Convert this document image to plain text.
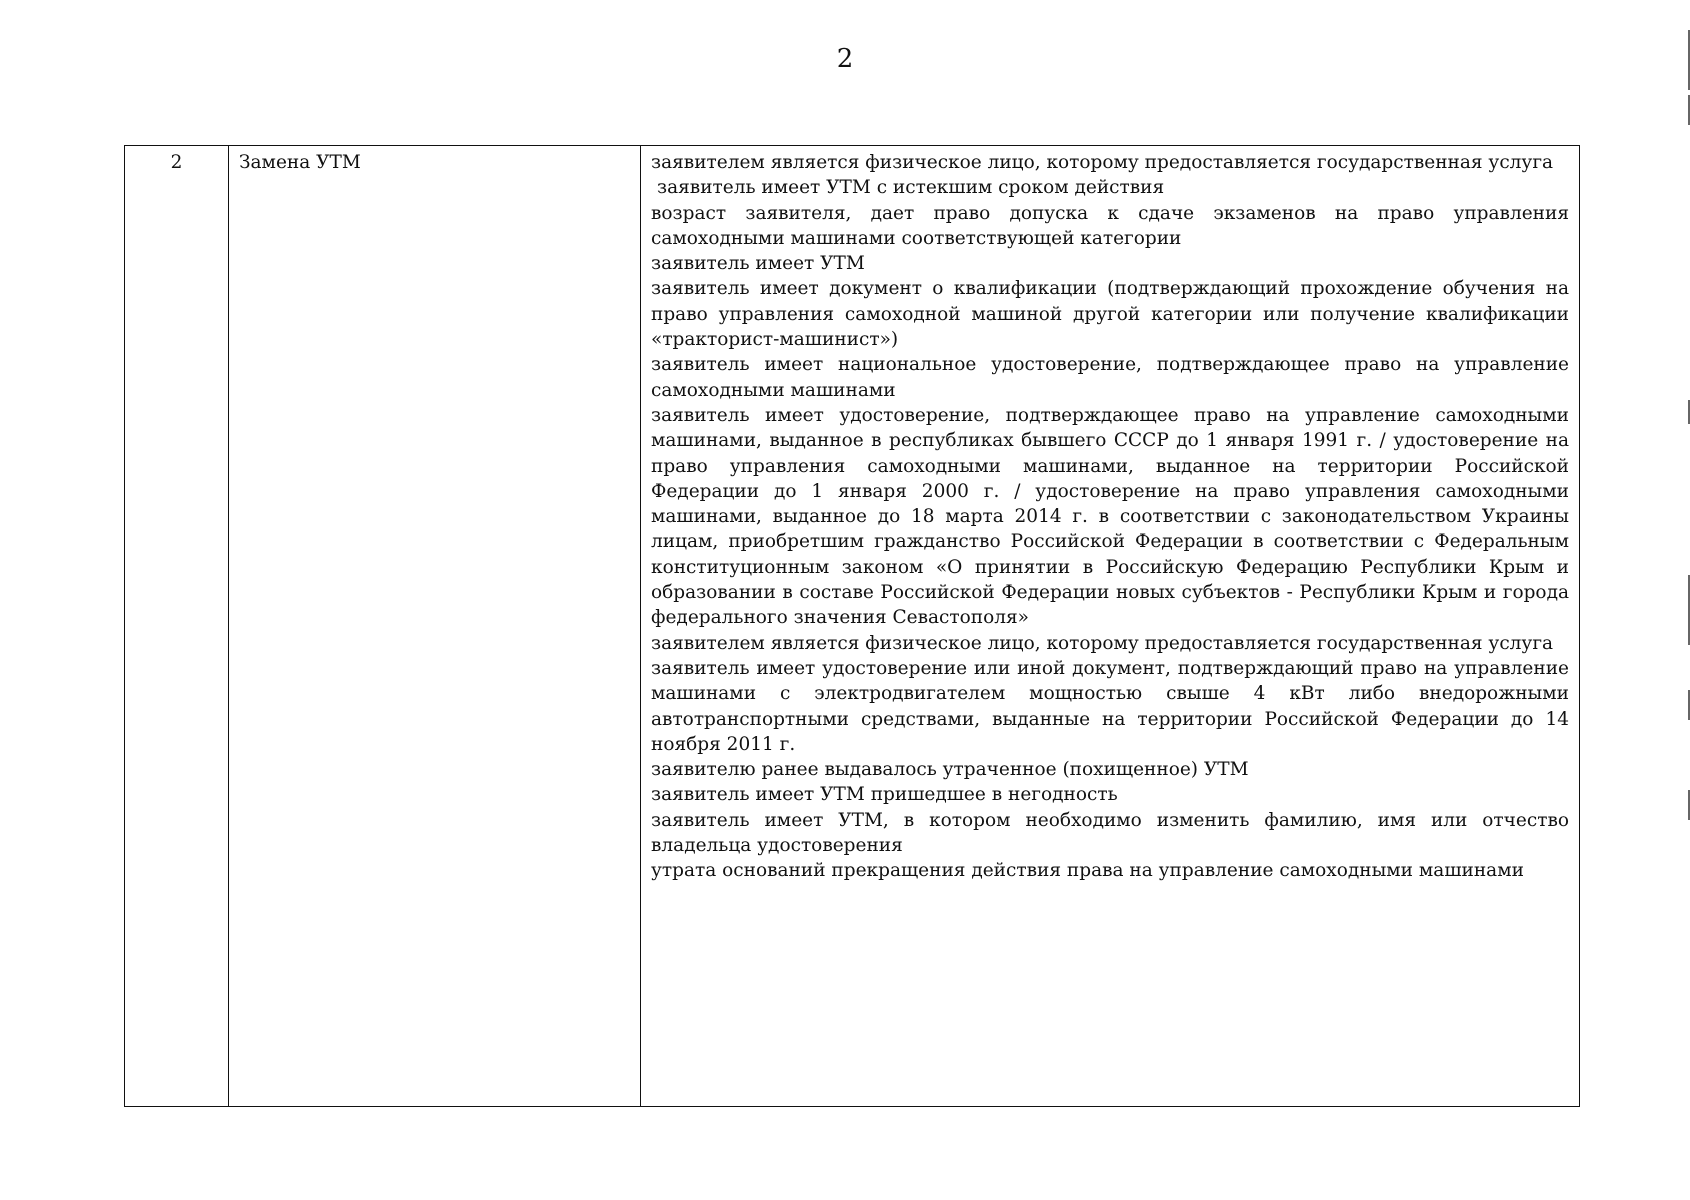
2
2	Замена УТМ	заявителем является физическое лицо, которому предоставляется государственная услуга
заявитель имеет УТМ с истекшим сроком действия
возраст заявителя, дает право допуска к сдаче экзаменов на право управления самоходными машинами соответствующей категории
заявитель имеет УТМ
заявитель имеет документ о квалификации (подтверждающий прохождение обучения на право управления самоходной машиной другой категории или получение квалификации «тракторист-машинист»)
заявитель имеет национальное удостоверение, подтверждающее право на управление самоходными машинами
заявитель имеет удостоверение, подтверждающее право на управление самоходными машинами, выданное в республиках бывшего СССР до 1 января 1991 г. / удостоверение на право управления самоходными машинами, выданное на территории Российской Федерации до 1 января 2000 г. / удостоверение на право управления самоходными машинами, выданное до 18 марта 2014 г. в соответствии с законодательством Украины лицам, приобретшим гражданство Российской Федерации в соответствии с Федеральным конституционным законом «О принятии в Российскую Федерацию Республики Крым и образовании в составе Российской Федерации новых субъектов - Республики Крым и города федерального значения Севастополя»
заявителем является физическое лицо, которому предоставляется государственная услуга
заявитель имеет удостоверение или иной документ, подтверждающий право на управление машинами с электродвигателем мощностью свыше 4 кВт либо внедорожными автотранспортными средствами, выданные на территории Российской Федерации до 14 ноября 2011 г.
заявителю ранее выдавалось утраченное (похищенное) УТМ
заявитель имеет УТМ пришедшее в негодность
заявитель имеет УТМ, в котором необходимо изменить фамилию, имя или отчество владельца удостоверения
утрата оснований прекращения действия права на управление самоходными машинами
